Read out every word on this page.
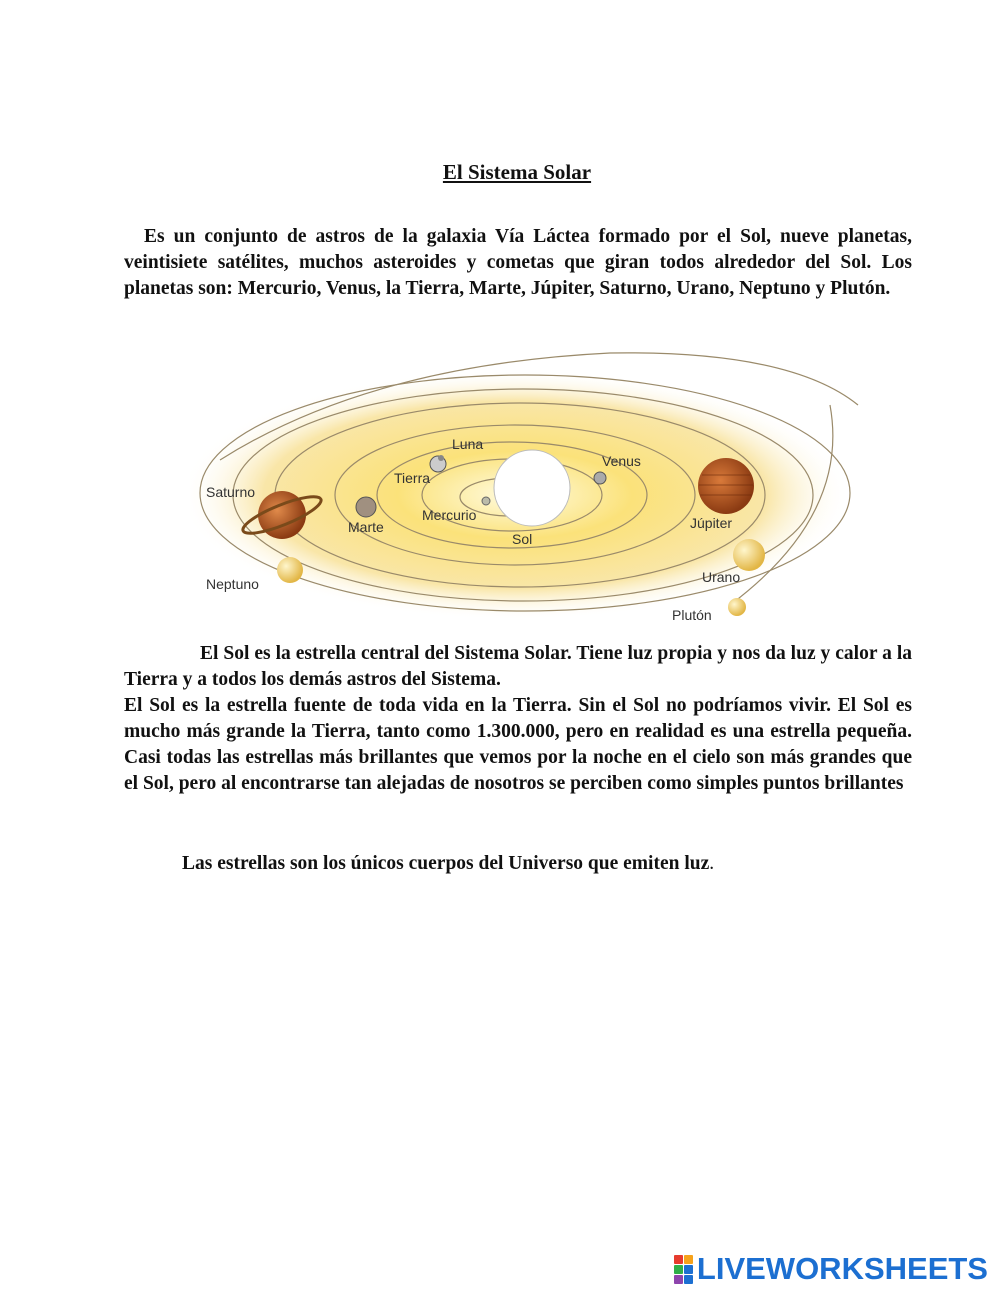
El Sistema Solar

Es un conjunto de astros de la galaxia Vía Láctea formado por el Sol, nueve planetas, veintisiete satélites, muchos asteroides y cometas que giran todos alrededor del Sol. Los planetas son: Mercurio, Venus, la Tierra, Marte, Júpiter, Saturno, Urano, Neptuno y Plutón.

Luna
Tierra
Venus
Saturno
Marte
Mercurio
Sol
Júpiter
Neptuno	Urano
Plutón

El Sol es la estrella central del Sistema Solar. Tiene luz propia y nos da luz y calor a la Tierra y a todos los demás astros del Sistema.

El Sol es la estrella fuente de toda vida en la Tierra. Sin el Sol no podríamos vivir. El Sol es mucho más grande la Tierra, tanto como 1.300.000, pero en realidad es una estrella pequeña. Casi todas las estrellas más brillantes que vemos por la noche en el cielo son más grandes que el Sol, pero al encontrarse tan alejadas de nosotros se perciben como simples puntos brillantes

Las estrellas son los únicos cuerpos del Universo que emiten luz.

LIVEWORKSHEETS
